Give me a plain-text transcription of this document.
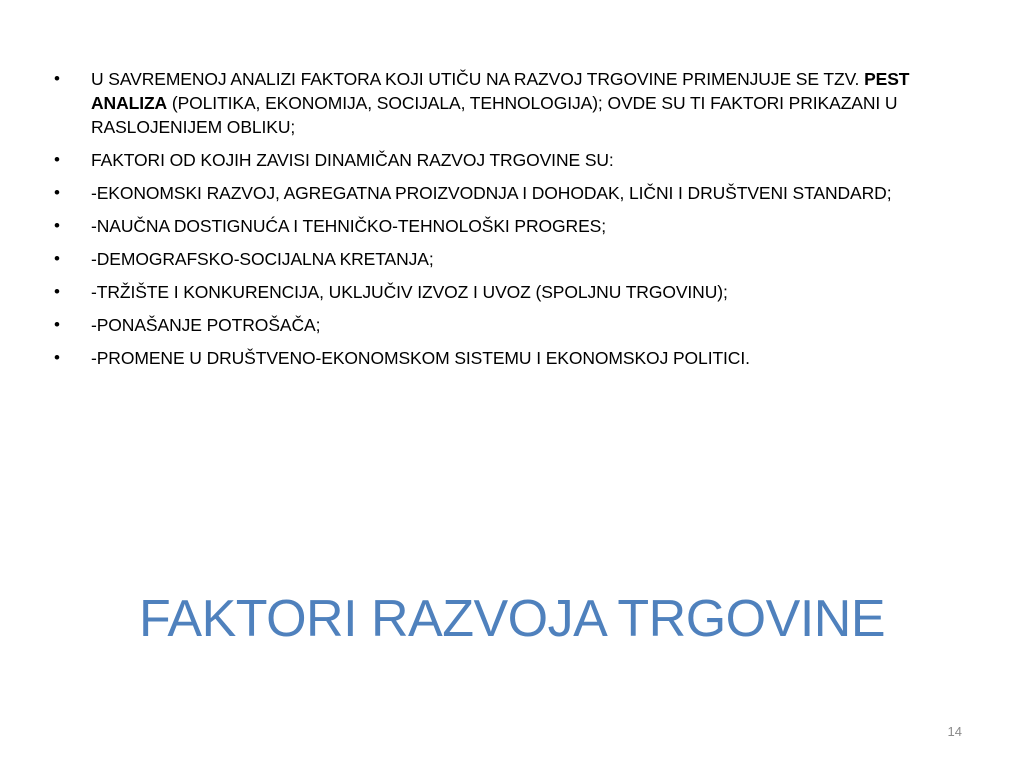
• U SAVREMENOJ ANALIZI FAKTORA KOJI UTIČU NA RAZVOJ TRGOVINE PRIMENJUJE SE TZV. PEST ANALIZA (POLITIKA, EKONOMIJA, SOCIJALA, TEHNOLOGIJA); OVDE SU TI FAKTORI PRIKAZANI U RASLOJENIJEM OBLIKU;
• FAKTORI OD KOJIH ZAVISI DINAMIČAN RAZVOJ TRGOVINE SU:
• -EKONOMSKI RAZVOJ, AGREGATNA PROIZVODNJA I DOHODAK, LIČNI I DRUŠTVENI STANDARD;
• -NAUČNA DOSTIGNUĆA I TEHNIČKO-TEHNOLOŠKI PROGRES;
• -DEMOGRAFSKO-SOCIJALNA KRETANJA;
• -TRŽIŠTE I KONKURENCIJA, UKLJUČIV IZVOZ I UVOZ (SPOLJNU TRGOVINU);
• -PONAŠANJE POTROŠAČA;
• -PROMENE U DRUŠTVENO-EKONOMSKOM SISTEMU I EKONOMSKOJ POLITICI.
FAKTORI RAZVOJA TRGOVINE
14
